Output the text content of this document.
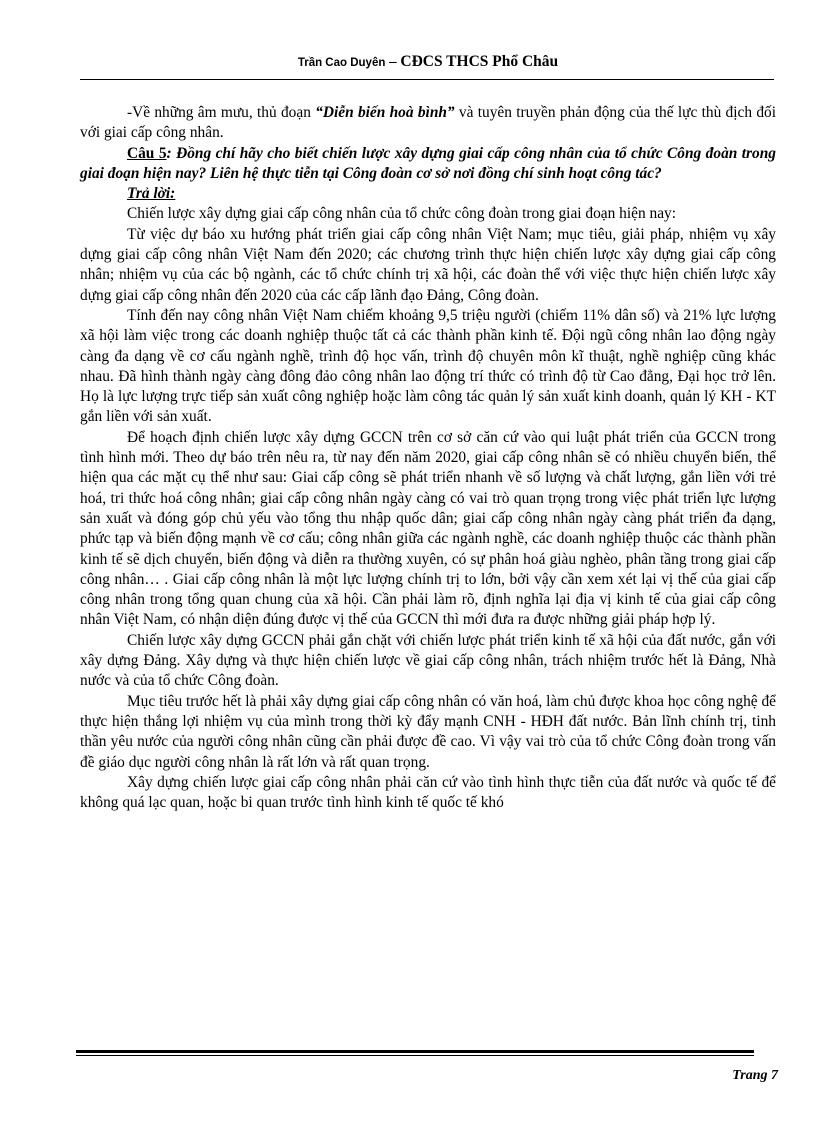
Trần Cao Duyên – CĐCS THCS Phổ Châu

-Về những âm mưu, thủ đoạn “Diễn biến hoà bình” và tuyên truyền phản động của thế lực thù địch đối với giai cấp công nhân.

Câu 5: Đồng chí hãy cho biết chiến lược xây dựng giai cấp công nhân của tổ chức Công đoàn trong giai đoạn hiện nay? Liên hệ thực tiễn tại Công đoàn cơ sở nơi đồng chí sinh hoạt công tác?

Trả lời:

Chiến lược xây dựng giai cấp công nhân của tổ chức công đoàn trong giai đoạn hiện nay:

Từ việc dự báo xu hướng phát triển giai cấp công nhân Việt Nam; mục tiêu, giải pháp, nhiệm vụ xây dựng giai cấp công nhân Việt Nam đến 2020; các chương trình thực hiện chiến lược xây dựng giai cấp công nhân; nhiệm vụ của các bộ ngành, các tổ chức chính trị xã hội, các đoàn thể với việc thực hiện chiến lược xây dựng giai cấp công nhân đến 2020 của các cấp lãnh đạo Đảng, Công đoàn.

Tính đến nay công nhân Việt Nam chiếm khoảng 9,5 triệu người (chiếm 11% dân số) và 21% lực lượng xã hội làm việc trong các doanh nghiệp thuộc tất cả các thành phần kinh tế. Đội ngũ công nhân lao động ngày càng đa dạng về cơ cấu ngành nghề, trình độ học vấn, trình độ chuyên môn kĩ thuật, nghề nghiệp cũng khác nhau. Đã hình thành ngày càng đông đảo công nhân lao động trí thức có trình độ từ Cao đẳng, Đại học trở lên. Họ là lực lượng trực tiếp sản xuất công nghiệp hoặc làm công tác quản lý sản xuất kinh doanh, quản lý KH - KT gắn liền với sản xuất.

Để hoạch định chiến lược xây dựng GCCN trên cơ sở căn cứ vào qui luật phát triển của GCCN trong tình hình mới. Theo dự báo trên nêu ra, từ nay đến năm 2020, giai cấp công nhân sẽ có nhiều chuyển biến, thể hiện qua các mặt cụ thể như sau: Giai cấp công sẽ phát triển nhanh về số lượng và chất lượng, gắn liền với trẻ hoá, tri thức hoá công nhân; giai cấp công nhân ngày càng có vai trò quan trọng trong việc phát triển lực lượng sản xuất và đóng góp chủ yếu vào tổng thu nhập quốc dân; giai cấp công nhân ngày càng phát triển đa dạng, phức tạp và biến động mạnh về cơ cấu; công nhân giữa các ngành nghề, các doanh nghiệp thuộc các thành phần kinh tế sẽ dịch chuyển, biến động và diễn ra thường xuyên, có sự phân hoá giàu nghèo, phân tầng trong giai cấp công nhân… . Giai cấp công nhân là một lực lượng chính trị to lớn, bởi vậy cần xem xét lại vị thế của giai cấp công nhân trong tổng quan chung của xã hội. Cần phải làm rõ, định nghĩa lại địa vị kinh tế của giai cấp công nhân Việt Nam, có nhận diện đúng được vị thế của GCCN thì mới đưa ra được những giải pháp hợp lý.

Chiến lược xây dựng GCCN phải gắn chặt với chiến lược phát triển kinh tế xã hội của đất nước, gắn với xây dựng Đảng. Xây dựng và thực hiện chiến lược về giai cấp công nhân, trách nhiệm trước hết là Đảng, Nhà nước và của tổ chức Công đoàn.

Mục tiêu trước hết là phải xây dựng giai cấp công nhân có văn hoá, làm chủ được khoa học công nghệ để thực hiện thắng lợi nhiệm vụ của mình trong thời kỳ đẩy mạnh CNH - HĐH đất nước. Bản lĩnh chính trị, tinh thần yêu nước của người công nhân cũng cần phải được đề cao. Vì vậy vai trò của tổ chức Công đoàn trong vấn đề giáo dục người công nhân là rất lớn và rất quan trọng.

Xây dựng chiến lược giai cấp công nhân phải căn cứ vào tình hình thực tiễn của đất nước và quốc tế để không quá lạc quan, hoặc bi quan trước tình hình kinh tế quốc tế khó

Trang 7
